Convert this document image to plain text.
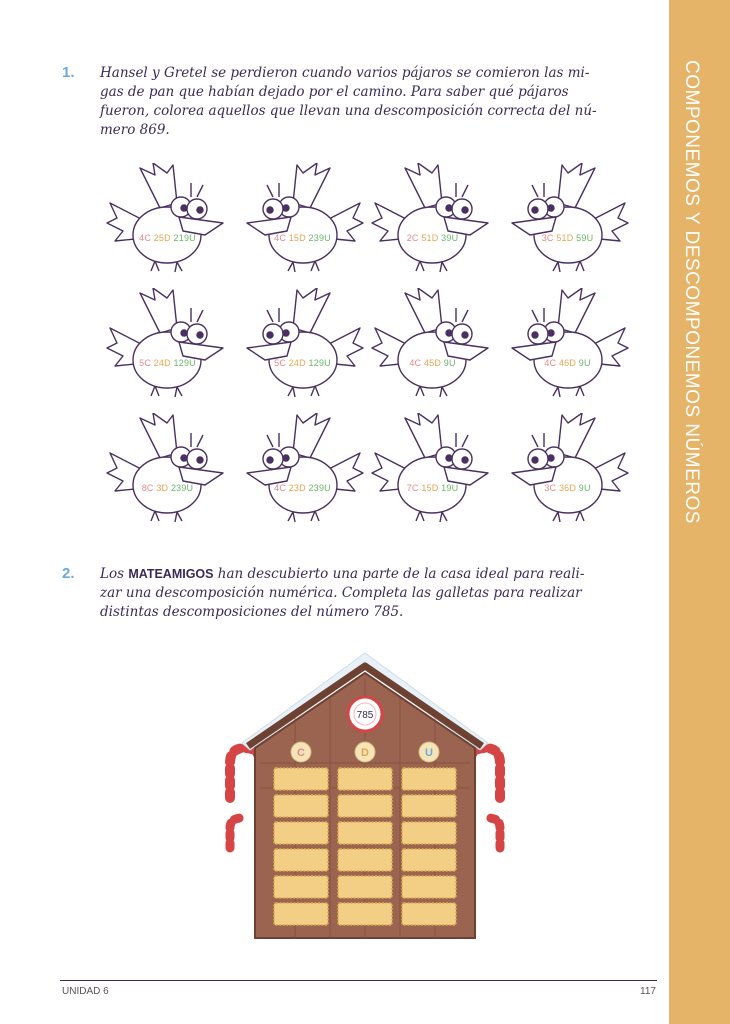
COMPONEMOS Y DESCOMPONEMOS NÚMEROS
1. Hansel y Gretel se perdieron cuando varios pájaros se comieron las mi-
gas de pan que habían dejado por el camino. Para saber qué pájaros
fueron, colorea aquellos que llevan una descomposición correcta del nú-
mero 869.
4C 25D 219U	4C 15D 239U	2C 51D 39U	3C 51D 59U
5C 24D 129U	5C 24D 129U	4C 45D 9U	4C 46D 9U
8C 3D 239U	4C 23D 239U	7C 15D 19U	3C 36D 9U
2. Los MATEAMIGOS han descubierto una parte de la casa ideal para reali-
zar una descomposición numérica. Completa las galletas para realizar
distintas descomposiciones del número 785.
785
C	D	U
UNIDAD 6	117
